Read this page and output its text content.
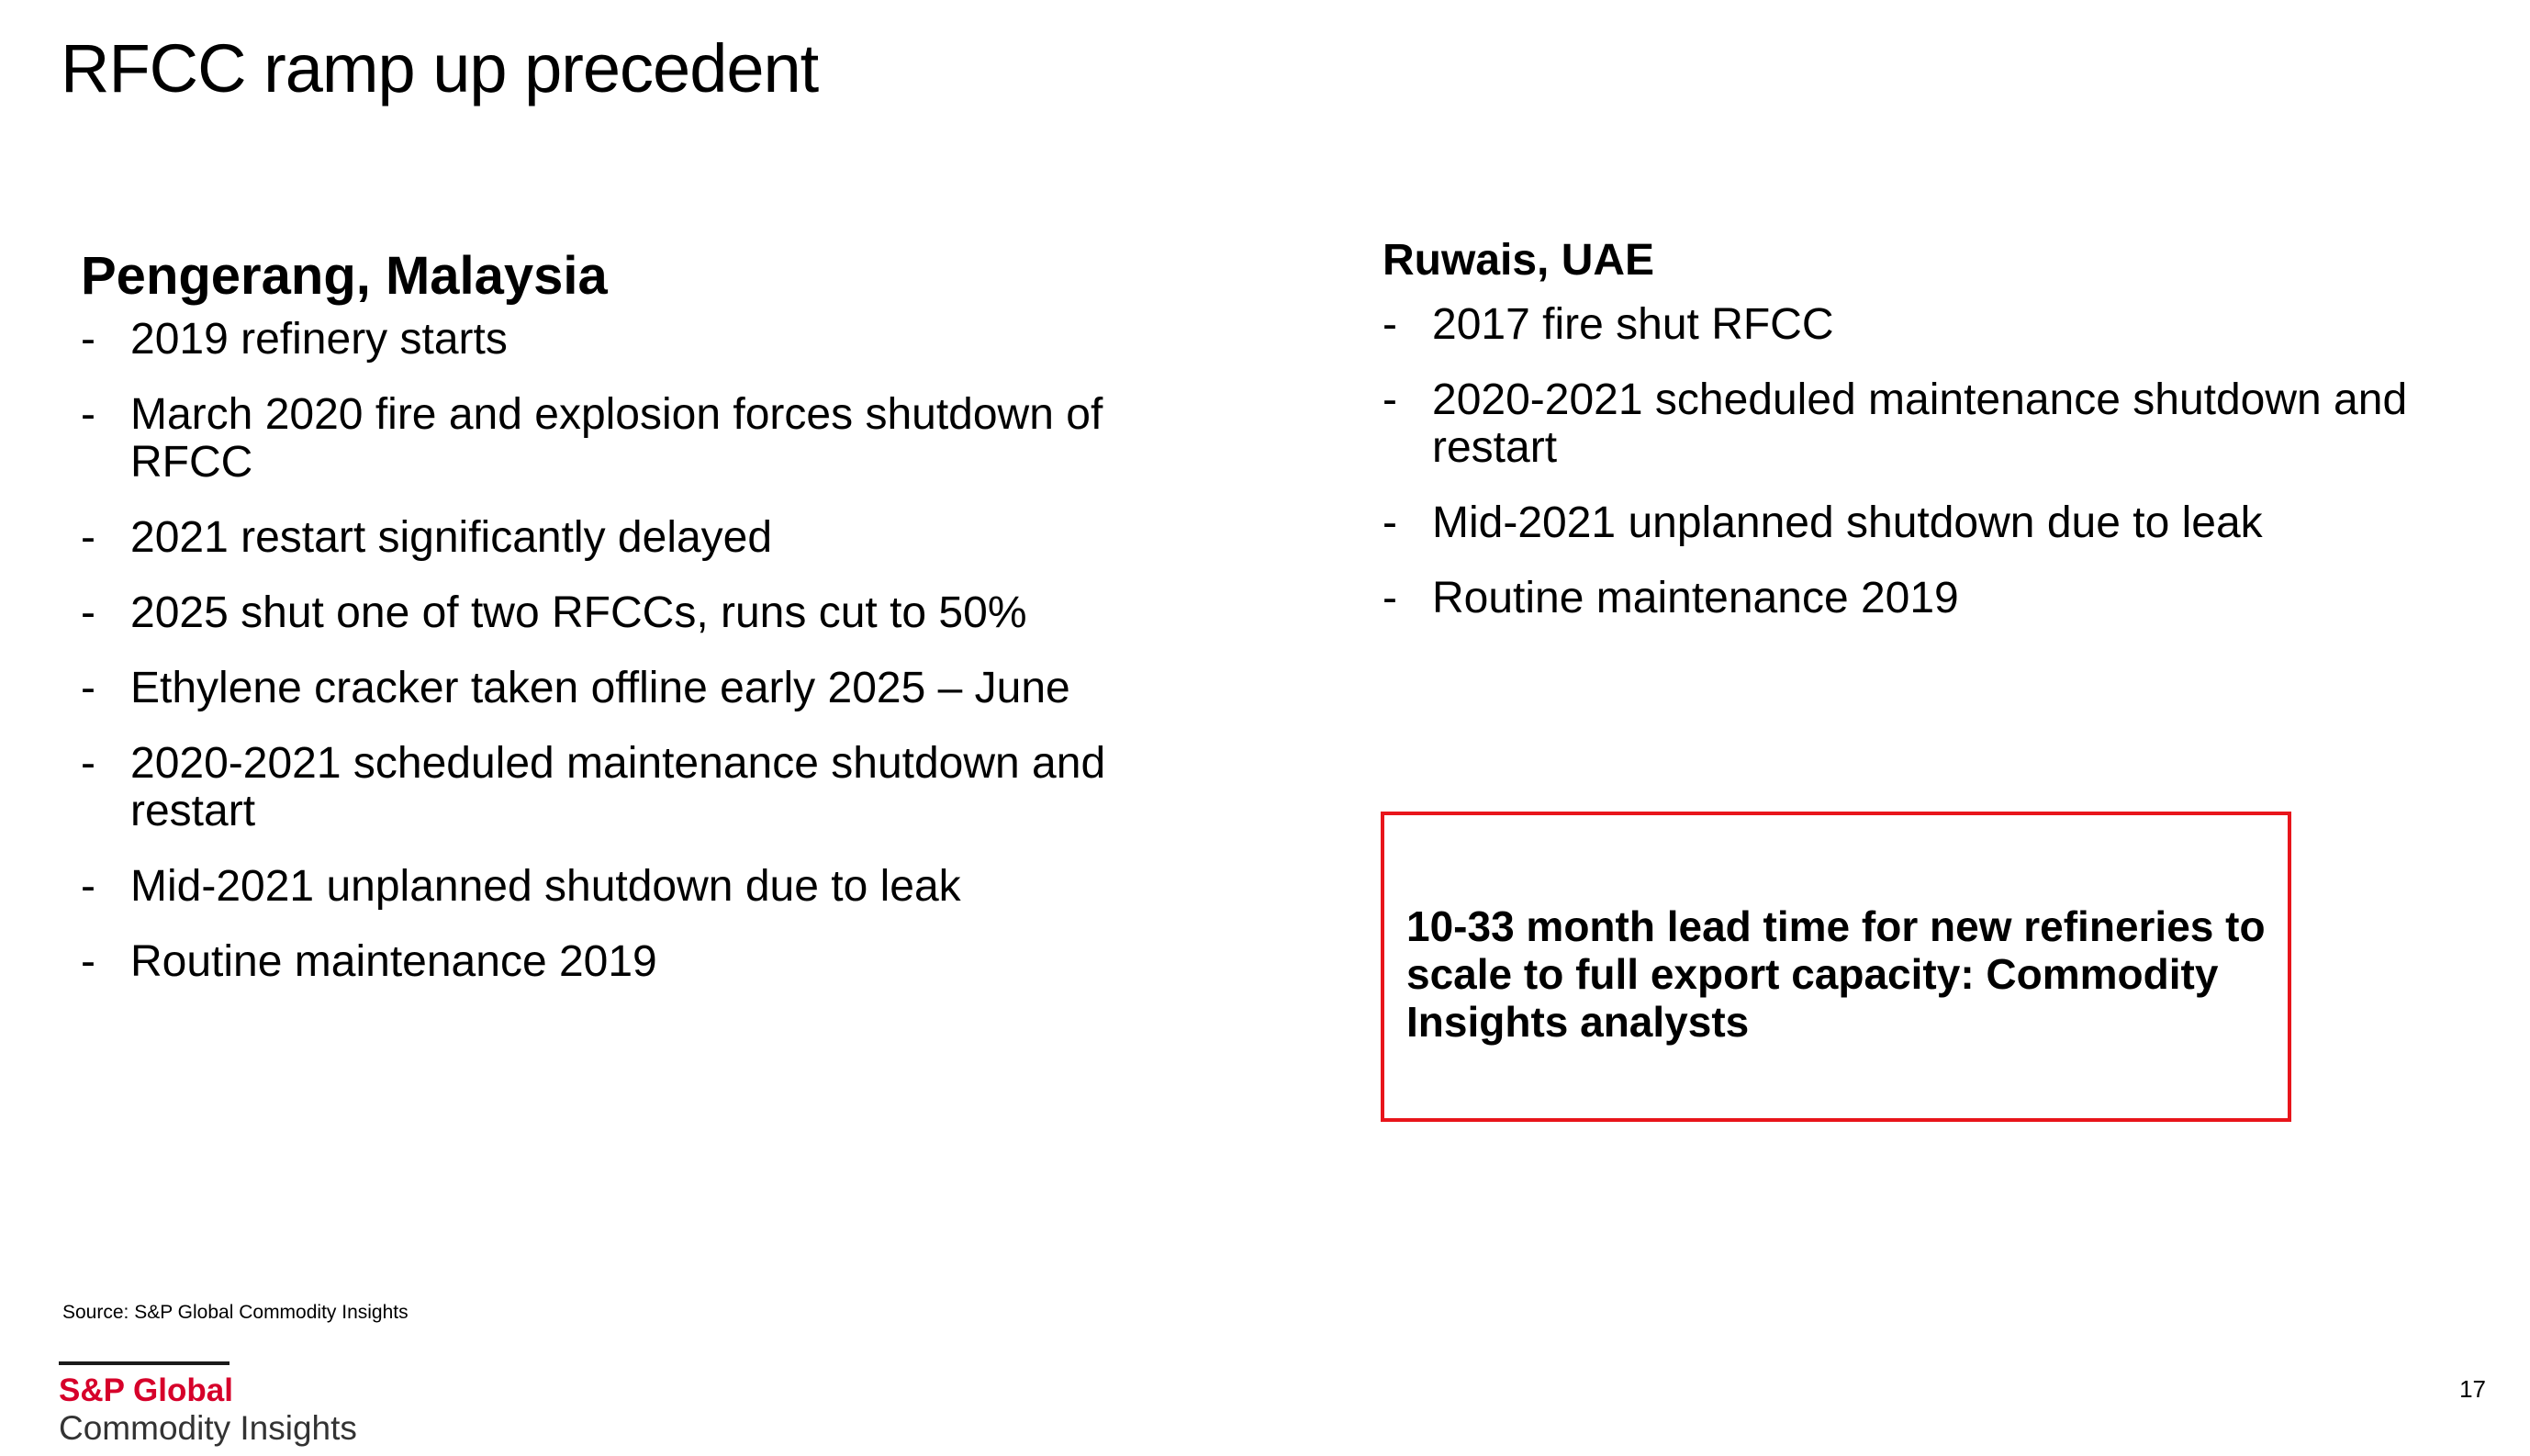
RFCC ramp up precedent
Pengerang, Malaysia
- 2019 refinery starts
- March 2020 fire and explosion forces shutdown of RFCC
- 2021 restart significantly delayed
- 2025 shut one of two RFCCs, runs cut to 50%
- Ethylene cracker taken offline early 2025 – June
- 2020-2021 scheduled maintenance shutdown and restart
- Mid-2021 unplanned shutdown due to leak
- Routine maintenance 2019
Ruwais, UAE
- 2017 fire shut RFCC
- 2020-2021 scheduled maintenance shutdown and restart
- Mid-2021 unplanned shutdown due to leak
- Routine maintenance 2019

10-33 month lead time for new refineries to scale to full export capacity: Commodity Insights analysts

Source: S&P Global Commodity Insights
S&P Global
Commodity Insights
17
